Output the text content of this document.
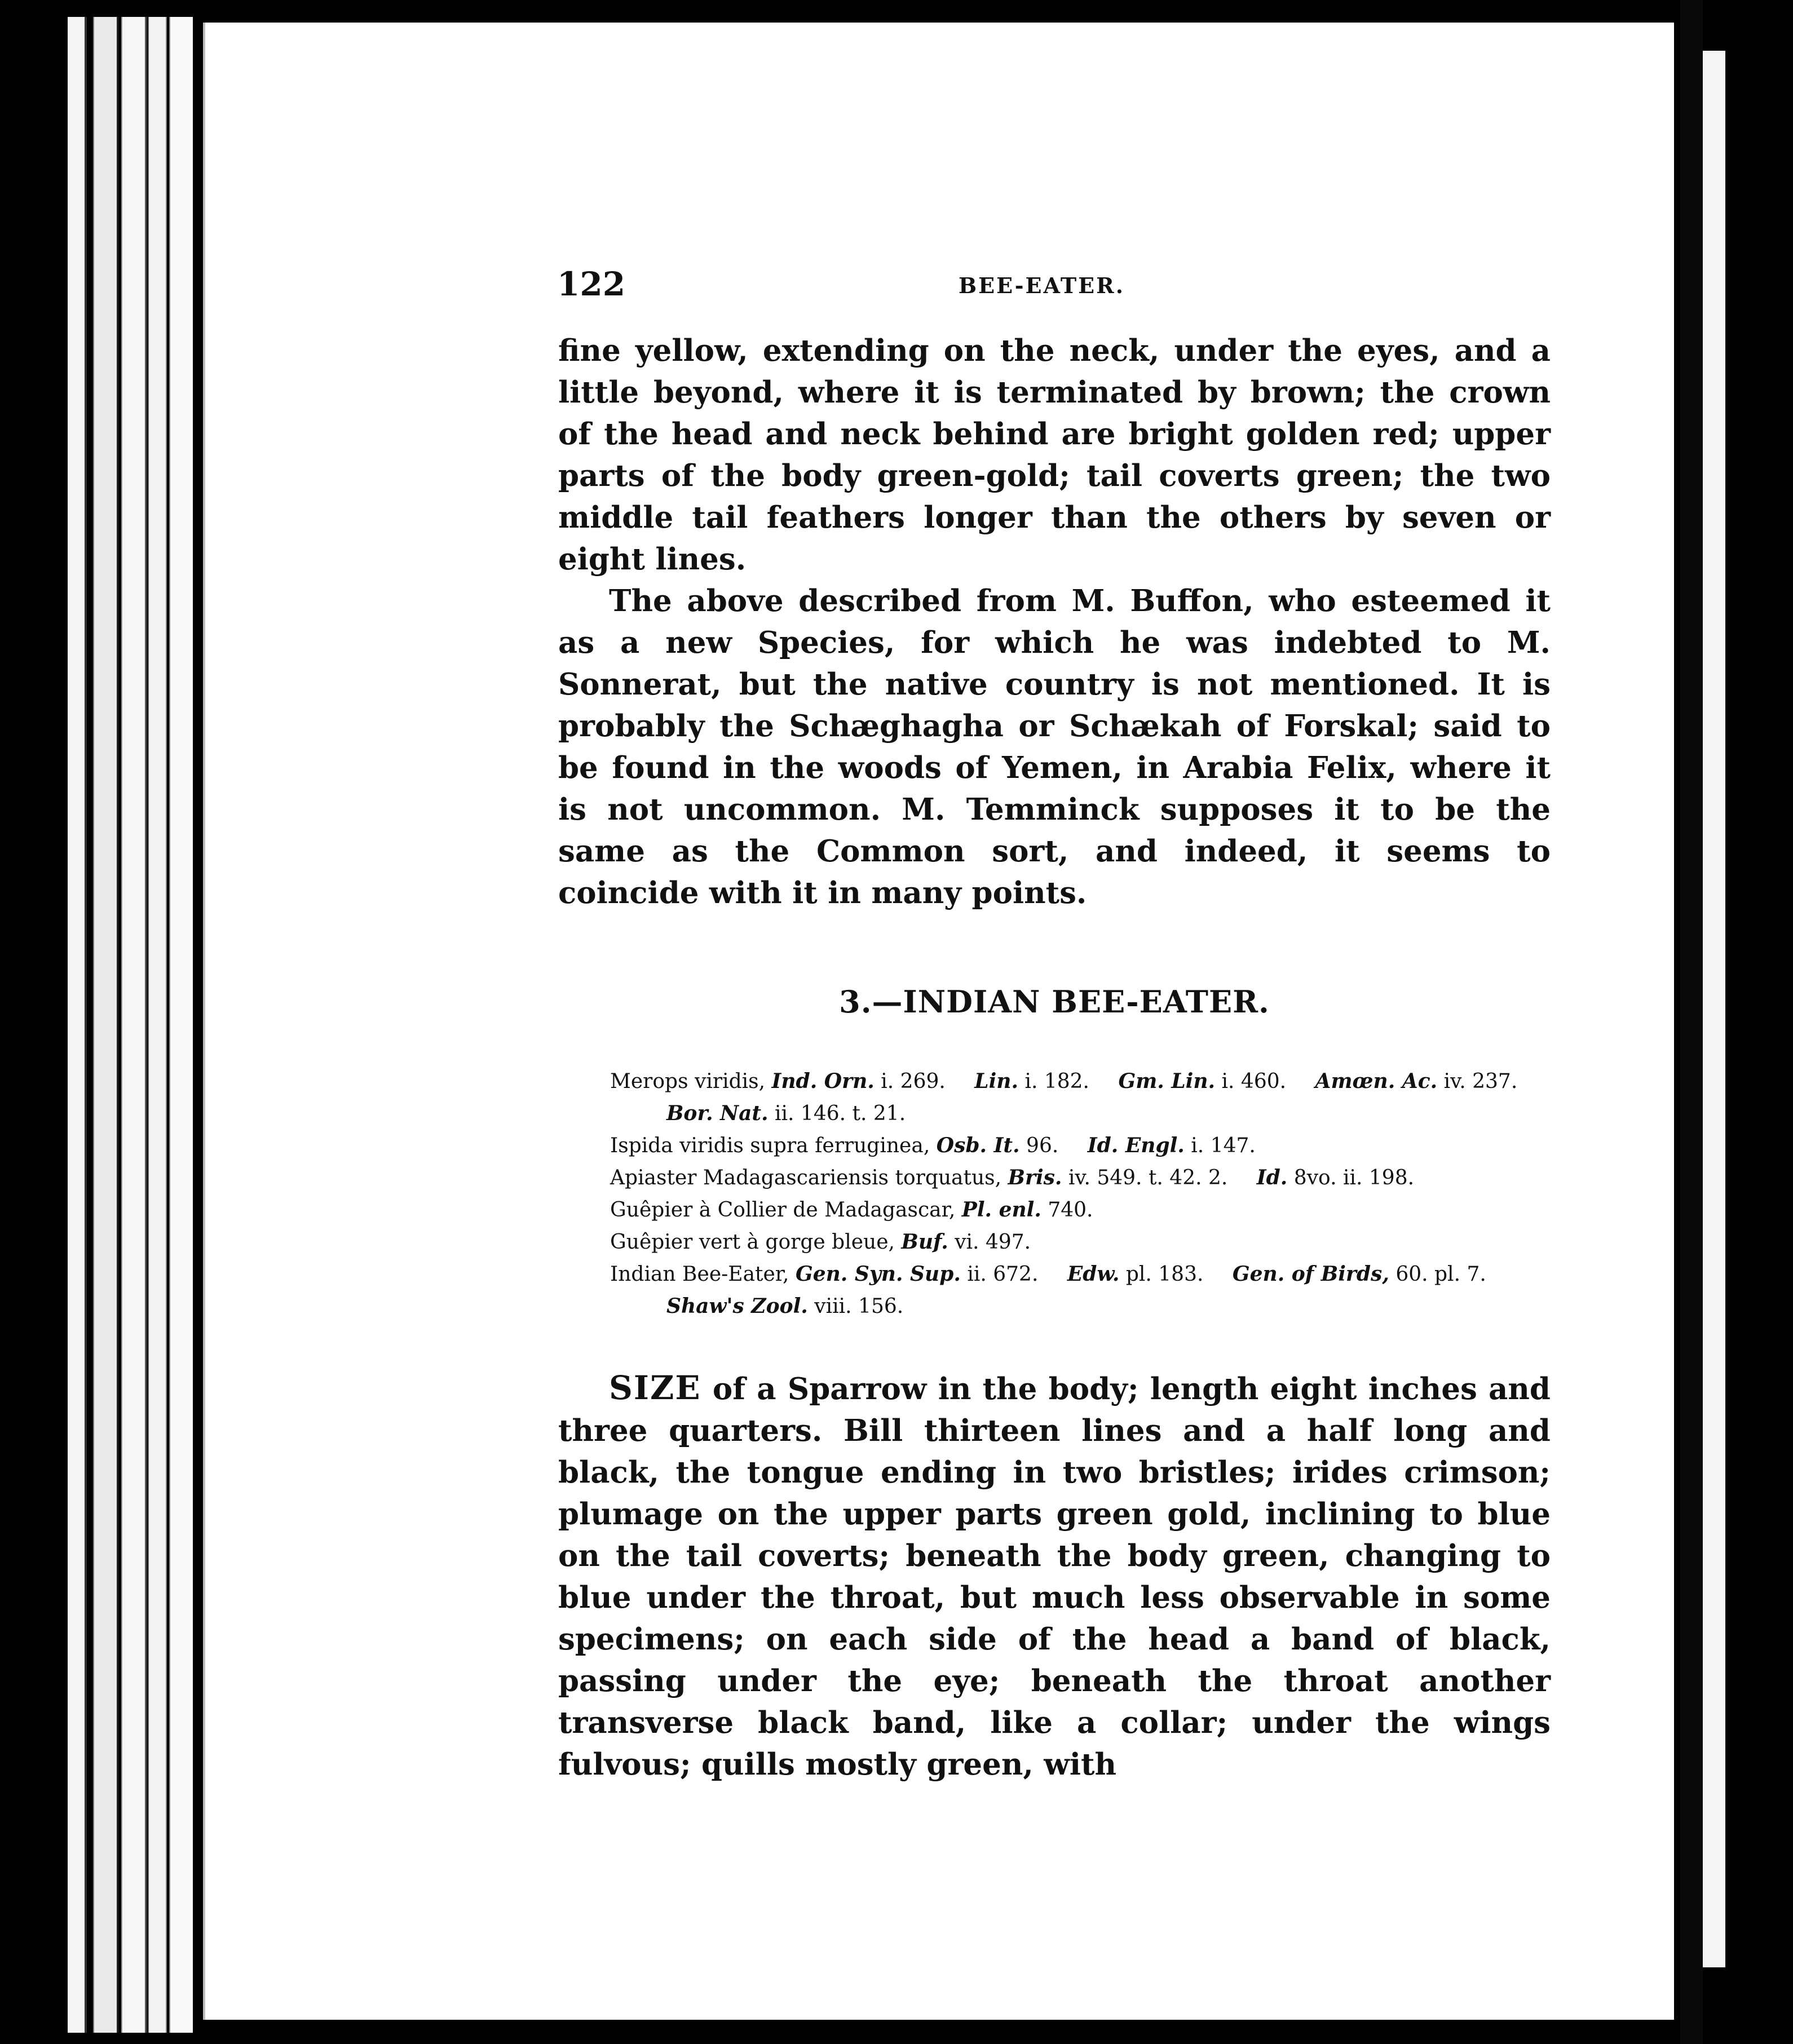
122	BEE-EATER.

fine yellow, extending on the neck, under the eyes, and a little beyond, where it is terminated by brown; the crown of the head and neck behind are bright golden red; upper parts of the body green-gold; tail coverts green; the two middle tail feathers longer than the others by seven or eight lines.

The above described from M. Buffon, who esteemed it as a new Species, for which he was indebted to M. Sonnerat, but the native country is not mentioned. It is probably the Schæghagha or Schækah of Forskal; said to be found in the woods of Yemen, in Arabia Felix, where it is not uncommon. M. Temminck supposes it to be the same as the Common sort, and indeed, it seems to coincide with it in many points.

3.—INDIAN BEE-EATER.
Merops viridis, Ind. Orn. i. 269. Lin. i. 182. Gm. Lin. i. 460. Amœn. Ac. iv. 237.
Bor. Nat. ii. 146. t. 21.
Ispida viridis supra ferruginea, Osb. It. 96. Id. Engl. i. 147.
Apiaster Madagascariensis torquatus, Bris. iv. 549. t. 42. 2. Id. 8vo. ii. 198.
Guêpier à Collier de Madagascar, Pl. enl. 740.
Guêpier vert à gorge bleue, Buf. vi. 497.
Indian Bee-Eater, Gen. Syn. Sup. ii. 672. Edw. pl. 183. Gen. of Birds, 60. pl. 7.
Shaw's Zool. viii. 156.

SIZE of a Sparrow in the body; length eight inches and three quarters. Bill thirteen lines and a half long and black, the tongue ending in two bristles; irides crimson; plumage on the upper parts green gold, inclining to blue on the tail coverts; beneath the body green, changing to blue under the throat, but much less observable in some specimens; on each side of the head a band of black, passing under the eye; beneath the throat another transverse black band, like a collar; under the wings fulvous; quills mostly green, with
